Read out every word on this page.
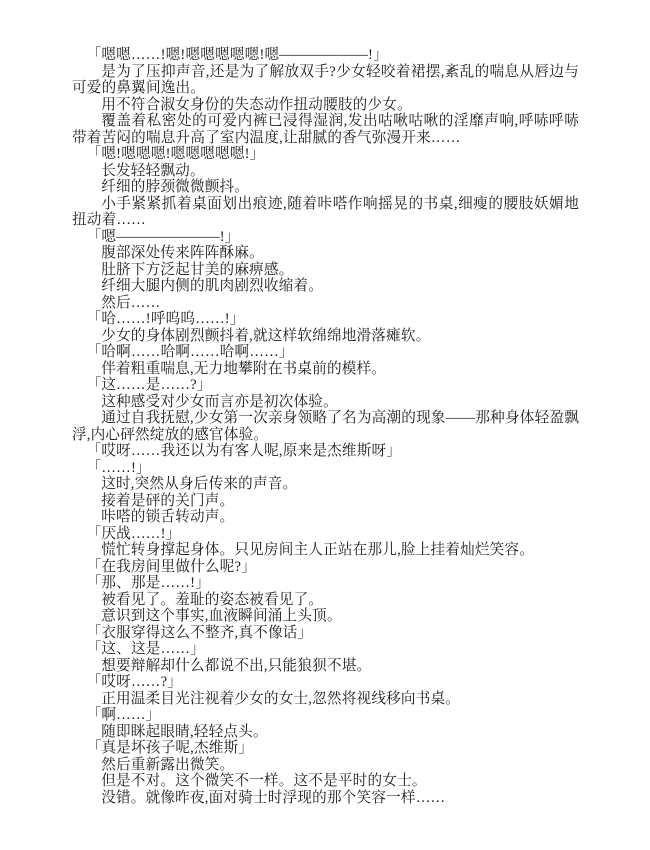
「嗯嗯……!嗯!嗯嗯嗯嗯嗯!嗯——————!」

是为了压抑声音,还是为了解放双手?少女轻咬着裙摆,紊乱的喘息从唇边与可爱的鼻翼间逸出。

用不符合淑女身份的失态动作扭动腰肢的少女。

覆盖着私密处的可爱内裤已浸得湿润,发出咕啾咕啾的淫靡声响,呼哧呼哧带着苦闷的喘息升高了室内温度,让甜腻的香气弥漫开来……

「嗯!嗯嗯嗯!嗯嗯嗯嗯嗯!」

长发轻轻飘动。

纤细的脖颈微微颤抖。

小手紧紧抓着桌面划出痕迹,随着咔嗒作响摇晃的书桌,细瘦的腰肢妖媚地扭动着……

「嗯———————!」

腹部深处传来阵阵酥麻。

肚脐下方泛起甘美的麻痹感。

纤细大腿内侧的肌肉剧烈收缩着。

然后……

「哈……!呼呜呜……!」

少女的身体剧烈颤抖着,就这样软绵绵地滑落瘫软。

「哈啊……哈啊……哈啊……」

伴着粗重喘息,无力地攀附在书桌前的模样。

「这……是……?」

这种感受对少女而言亦是初次体验。

通过自我抚慰,少女第一次亲身领略了名为高潮的现象——那种身体轻盈飘浮,内心砰然绽放的感官体验。

「哎呀……我还以为有客人呢,原来是杰维斯呀」

「……!」

这时,突然从身后传来的声音。

接着是砰的关门声。

咔嗒的锁舌转动声。

「厌战……!」

慌忙转身撑起身体。只见房间主人正站在那儿,脸上挂着灿烂笑容。

「在我房间里做什么呢?」

「那、那是……!」

被看见了。羞耻的姿态被看见了。

意识到这个事实,血液瞬间涌上头顶。

「衣服穿得这么不整齐,真不像话」

「这、这是……」

想要辩解却什么都说不出,只能狼狈不堪。

「哎呀……?」

正用温柔目光注视着少女的女士,忽然将视线移向书桌。

「啊……」

随即眯起眼睛,轻轻点头。

「真是坏孩子呢,杰维斯」

然后重新露出微笑。

但是不对。这个微笑不一样。这不是平时的女士。

没错。就像昨夜,面对骑士时浮现的那个笑容一样……
